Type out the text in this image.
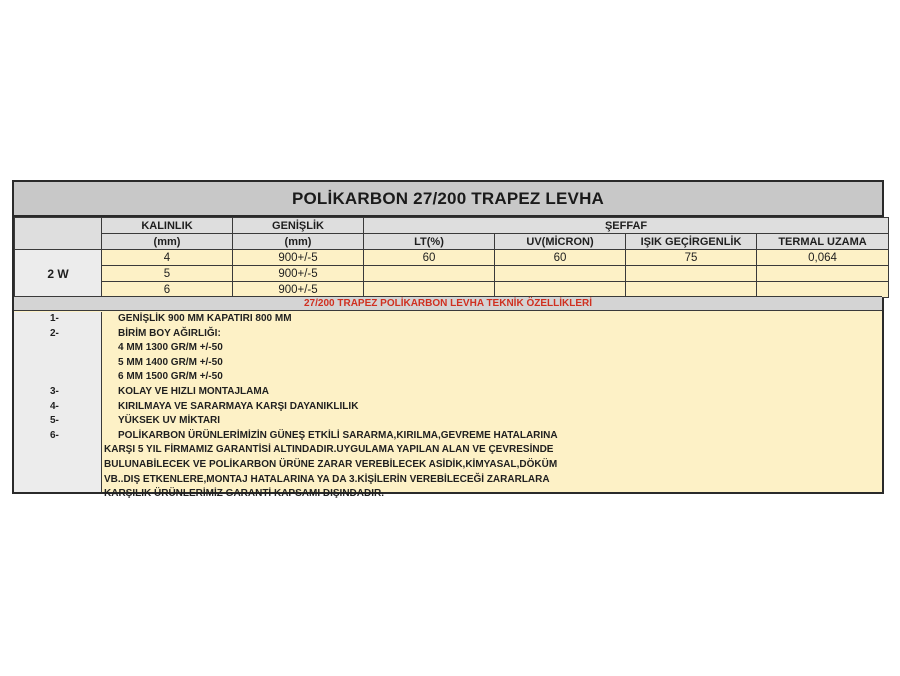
POLİKARBON 27/200 TRAPEZ LEVHA
	KALINLIK	GENİŞLİK	ŞEFFAF			
	(mm)	(mm)	LT(%)	UV(MİCRON)	IŞIK GEÇİRGENLİK	TERMAL UZAMA
2 W	4	900+/-5	60	60	75	0,064
	5	900+/-5				
	6	900+/-5				
27/200 TRAPEZ POLİKARBON LEVHA TEKNİK ÖZELLİKLERİ
1-	GENİŞLİK 900 MM KAPATIRI 800 MM
2-	BİRİM BOY AĞIRLIĞI:
4 MM 1300 GR/M +/-50
5 MM 1400 GR/M +/-50
6 MM 1500 GR/M +/-50
3-	KOLAY VE HIZLI MONTAJLAMA
4-	KIRILMAYA VE SARARMAYA KARŞI DAYANIKLILIK
5-	YÜKSEK UV MİKTARI
6-	POLİKARBON ÜRÜNLERİMİZİN GÜNEŞ ETKİLİ SARARMA,KIRILMA,GEVREME HATALARINA
KARŞI 5 YIL FİRMAMIZ GARANTİSİ ALTINDADIR.UYGULAMA YAPILAN ALAN VE ÇEVRESİNDE
BULUNABİLECEK VE POLİKARBON ÜRÜNE ZARAR VEREBİLECEK ASİDİK,KİMYASAL,DÖKÜM
VB..DIŞ ETKENLERE,MONTAJ HATALARINA YA DA 3.KİŞİLERİN VEREBİLECEĞİ ZARARLARA
KARŞILIK ÜRÜNLERİMİZ GARANTİ KAPSAMI DIŞINDADIR.
